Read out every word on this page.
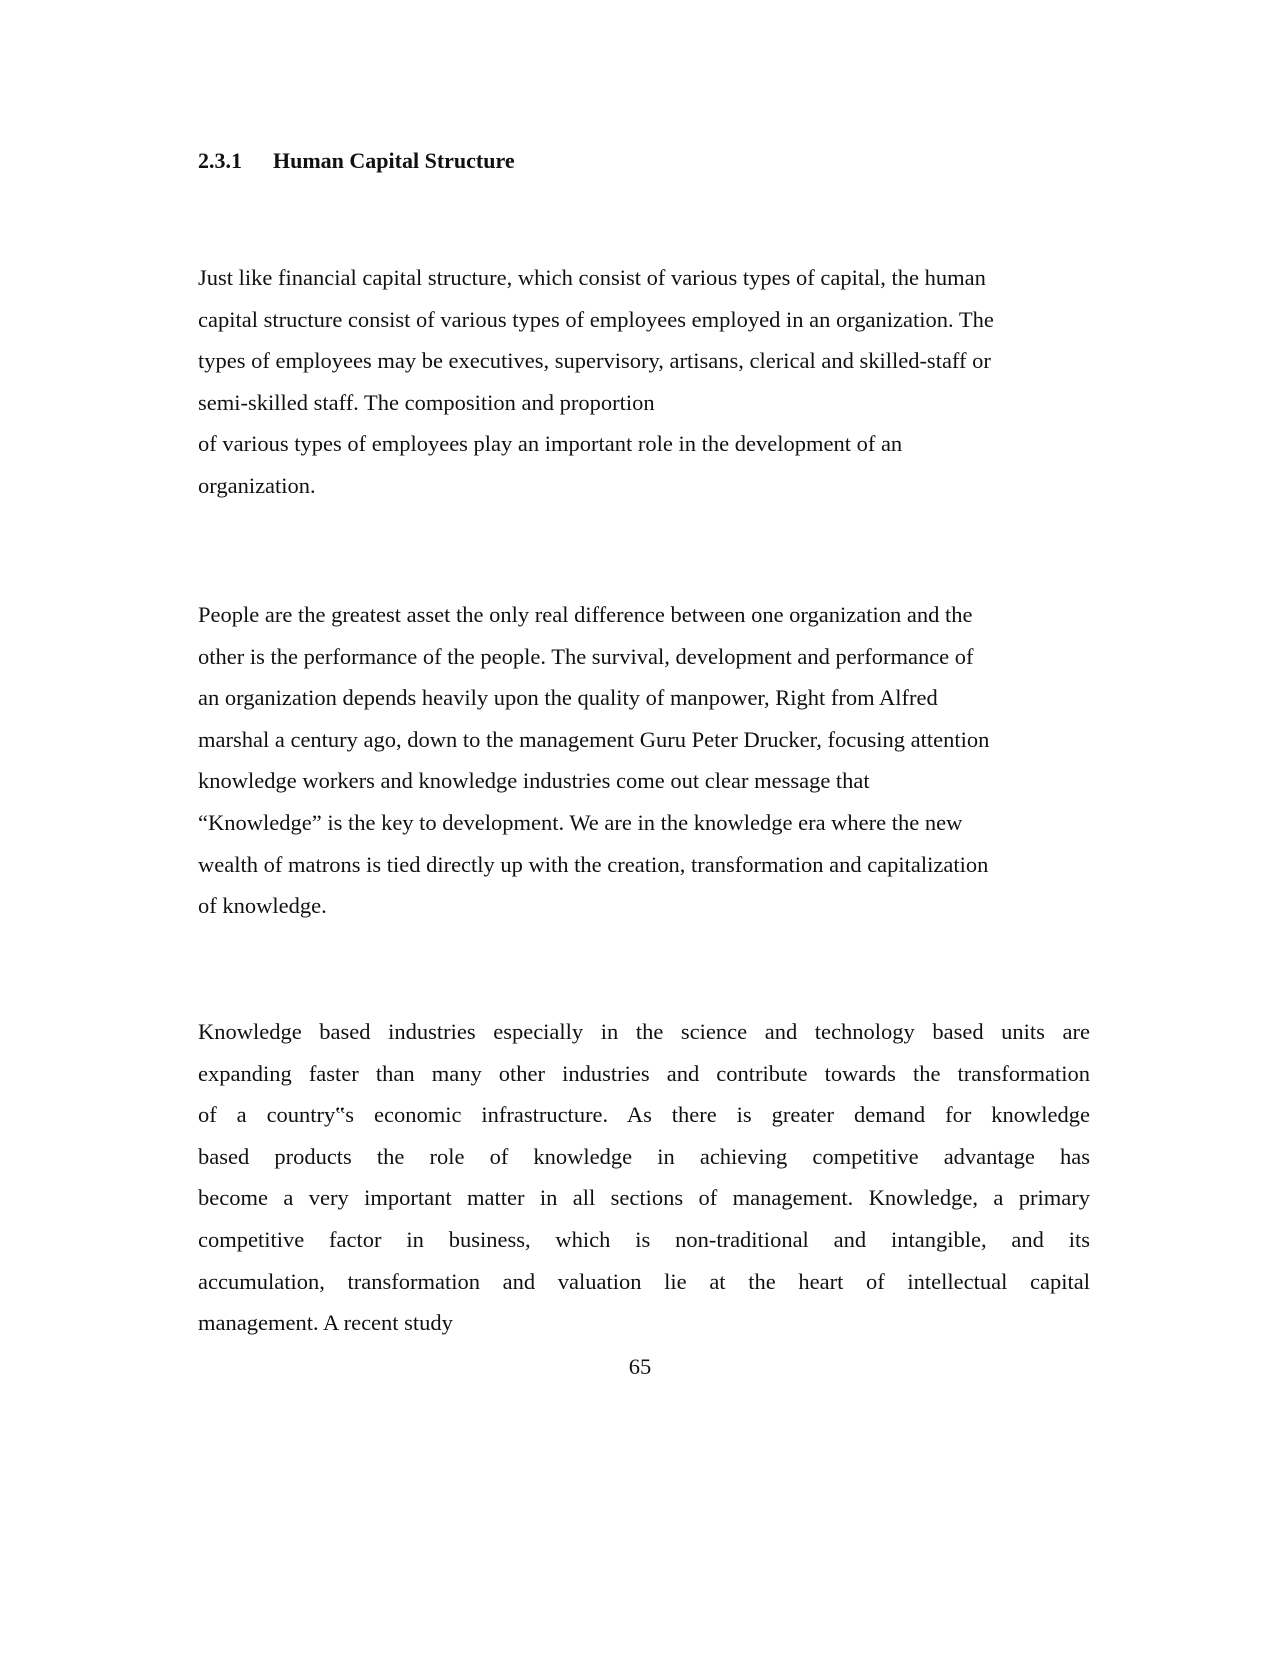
2.3.1 Human Capital Structure
Just like financial capital structure, which consist of various types of capital, the human
capital structure consist of various types of employees employed in an organization. The
types of employees may be executives, supervisory, artisans, clerical and skilled-staff or
semi-skilled staff. The composition and proportion
of various types of employees play an important role in the development of an
organization.
People are the greatest asset the only real difference between one organization and the
other is the performance of the people. The survival, development and performance of
an organization depends heavily upon the quality of manpower, Right from Alfred
marshal a century ago, down to the management Guru Peter Drucker, focusing attention
knowledge workers and knowledge industries come out clear message that
“Knowledge” is the key to development. We are in the knowledge era where the new
wealth of matrons is tied directly up with the creation, transformation and capitalization
of knowledge.
Knowledge based industries especially in the science and technology based units are
expanding faster than many other industries and contribute towards the transformation
of a country‟s economic infrastructure. As there is greater demand for knowledge
based products the role of knowledge in achieving competitive advantage has
become a very important matter in all sections of management. Knowledge, a primary
competitive factor in business, which is non-traditional and intangible, and its
accumulation, transformation and valuation lie at the heart of intellectual capital
management. A recent study
65
